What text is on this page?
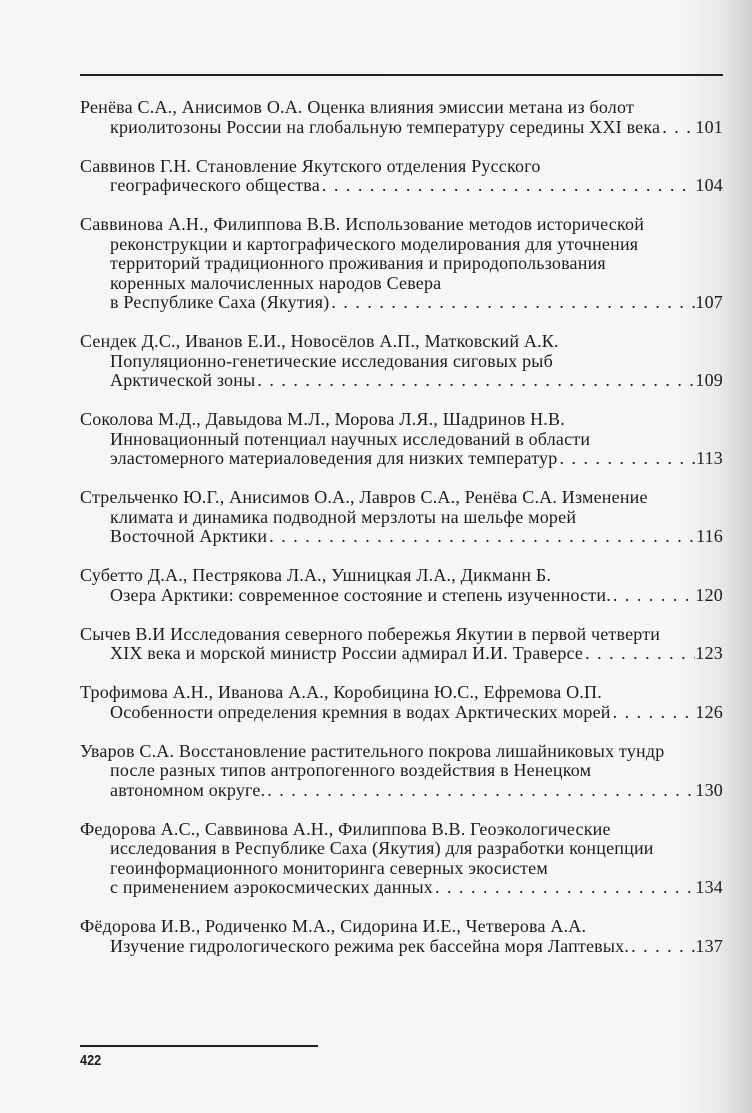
Ренёва С.А., Анисимов О.А. Оценка влияния эмиссии метана из болот
криолитозоны России на глобальную температуру середины XXI века . . . 101
Саввинов Г.Н. Становление Якутского отделения Русского
географического общества . . .	104
Саввинова А.Н., Филиппова В.В. Использование методов исторической
реконструкции и картографического моделирования для уточнения
территорий традиционного проживания и природопользования
коренных малочисленных народов Севера
в Республике Саха (Якутия) . . .	107
Сендек Д.С., Иванов Е.И., Новосёлов А.П., Матковский А.К.
Популяционно-генетические исследования сиговых рыб
Арктической зоны . . .	109
Соколова М.Д., Давыдова М.Л., Морова Л.Я., Шадринов Н.В.
Инновационный потенциал научных исследований в области
эластомерного материаловедения для низких температур . . .	113
Стрельченко Ю.Г., Анисимов О.А., Лавров С.А., Ренёва С.А. Изменение
климата и динамика подводной мерзлоты на шельфе морей
Восточной Арктики . . .	116
Субетто Д.А., Пестрякова Л.А., Ушницкая Л.А., Дикманн Б.
Озера Арктики: современное состояние и степень изученности. . . .	120
Сычев В.И Исследования северного побережья Якутии в первой четверти
XIX века и морской министр России адмирал И.И. Траверсе . . .	123
Трофимова А.Н., Иванова А.А., Коробицина Ю.С., Ефремова О.П.
Особенности определения кремния в водах Арктических морей . . .	126
Уваров С.А. Восстановление растительного покрова лишайниковых тундр
после разных типов антропогенного воздействия в Ненецком
автономном округе. . . .	130
Федорова А.С., Саввинова А.Н., Филиппова В.В. Геоэкологические
исследования в Республике Саха (Якутия) для разработки концепции
геоинформационного мониторинга северных экосистем
с применением аэрокосмических данных . . .	134
Фёдорова И.В., Родиченко М.А., Сидорина И.Е., Четверова А.А.
Изучение гидрологического режима рек бассейна моря Лаптевых. . . .	137
422
